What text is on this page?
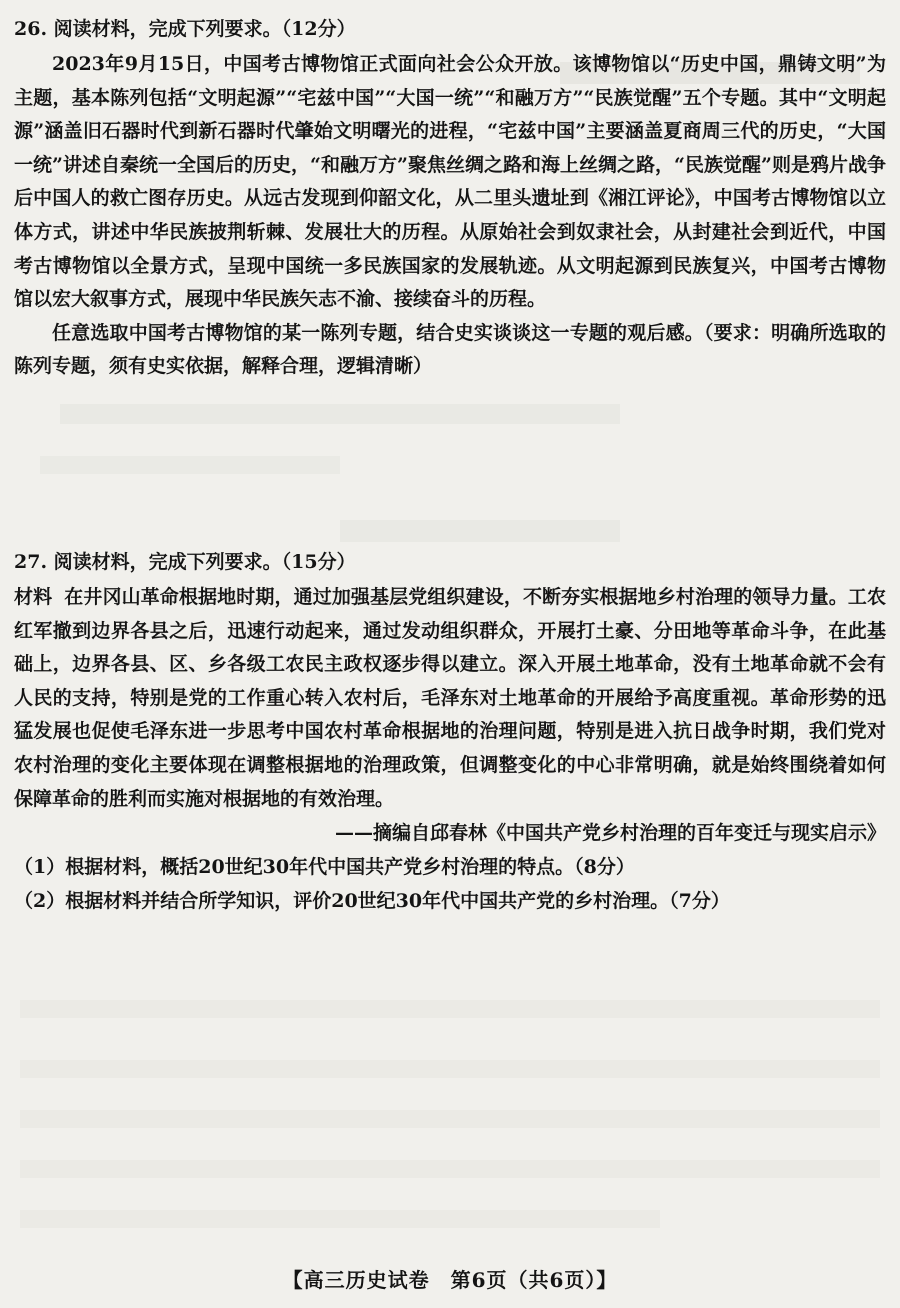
26. 阅读材料，完成下列要求。（12分）

2023年9月15日，中国考古博物馆正式面向社会公众开放。该博物馆以“历史中国，鼎铸文明”为主题，基本陈列包括“文明起源”“宅兹中国”“大国一统”“和融万方”“民族觉醒”五个专题。其中“文明起源”涵盖旧石器时代到新石器时代肇始文明曙光的进程，“宅兹中国”主要涵盖夏商周三代的历史，“大国一统”讲述自秦统一全国后的历史，“和融万方”聚焦丝绸之路和海上丝绸之路，“民族觉醒”则是鸦片战争后中国人的救亡图存历史。从远古发现到仰韶文化，从二里头遗址到《湘江评论》，中国考古博物馆以立体方式，讲述中华民族披荆斩棘、发展壮大的历程。从原始社会到奴隶社会，从封建社会到近代，中国考古博物馆以全景方式，呈现中国统一多民族国家的发展轨迹。从文明起源到民族复兴，中国考古博物馆以宏大叙事方式，展现中华民族矢志不渝、接续奋斗的历程。

任意选取中国考古博物馆的某一陈列专题，结合史实谈谈这一专题的观后感。（要求：明确所选取的陈列专题，须有史实依据，解释合理，逻辑清晰）

27. 阅读材料，完成下列要求。（15分）

材料 在井冈山革命根据地时期，通过加强基层党组织建设，不断夯实根据地乡村治理的领导力量。工农红军撤到边界各县之后，迅速行动起来，通过发动组织群众，开展打土豪、分田地等革命斗争，在此基础上，边界各县、区、乡各级工农民主政权逐步得以建立。深入开展土地革命，没有土地革命就不会有人民的支持，特别是党的工作重心转入农村后，毛泽东对土地革命的开展给予高度重视。革命形势的迅猛发展也促使毛泽东进一步思考中国农村革命根据地的治理问题，特别是进入抗日战争时期，我们党对农村治理的变化主要体现在调整根据地的治理政策，但调整变化的中心非常明确，就是始终围绕着如何保障革命的胜利而实施对根据地的有效治理。

——摘编自邱春林《中国共产党乡村治理的百年变迁与现实启示》

（1）根据材料，概括20世纪30年代中国共产党乡村治理的特点。（8分）

（2）根据材料并结合所学知识，评价20世纪30年代中国共产党的乡村治理。（7分）

【高三历史试卷　第6页（共6页）】
